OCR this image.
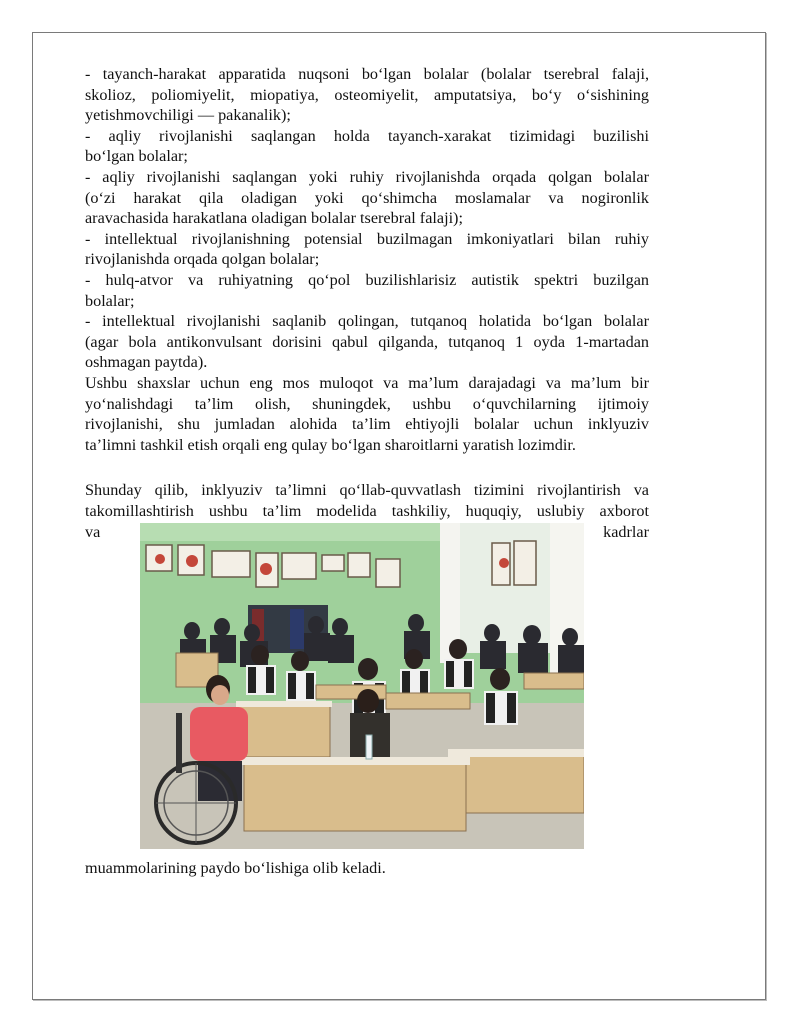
- tayanch-harakat apparatida nuqsoni bo‘lgan bolalar (bolalar tserebral falaji,
skolioz, poliomiyelit, miopatiya, osteomiyelit, amputatsiya, bo‘y o‘sishining
yetishmovchiligi — pakanalik);
- aqliy rivojlanishi saqlangan holda tayanch-xarakat tizimidagi buzilishi
bo‘lgan bolalar;
- aqliy rivojlanishi saqlangan yoki ruhiy rivojlanishda orqada qolgan bolalar
(o‘zi harakat qila oladigan yoki qo‘shimcha moslamalar va nogironlik
aravachasida harakatlana oladigan bolalar tserebral falaji);
- intellektual rivojlanishning potensial buzilmagan imkoniyatlari bilan ruhiy
rivojlanishda orqada qolgan bolalar;
- hulq-atvor va ruhiyatning qo‘pol buzilishlarisiz autistik spektri buzilgan
bolalar;
- intellektual rivojlanishi saqlanib qolingan, tutqanoq holatida bo‘lgan bolalar
(agar bola antikonvulsant dorisini qabul qilganda, tutqanoq 1 oyda 1-martadan
oshmagan paytda).
Ushbu shaxslar uchun eng mos muloqot va ma’lum darajadagi va ma’lum bir
yo‘nalishdagi ta’lim olish, shuningdek, ushbu o‘quvchilarning ijtimoiy
rivojlanishi, shu jumladan alohida ta’lim ehtiyojli bolalar uchun inklyuziv
ta’limni tashkil etish orqali eng qulay bo‘lgan sharoitlarni yaratish lozimdir.
Shunday qilib, inklyuziv ta’limni qo‘llab-quvvatlash tizimini rivojlantirish va
takomillashtirish ushbu ta’lim modelida tashkiliy, huquqiy, uslubiy axborot
va	kadrlar
muammolarining paydo bo‘lishiga olib keladi.
